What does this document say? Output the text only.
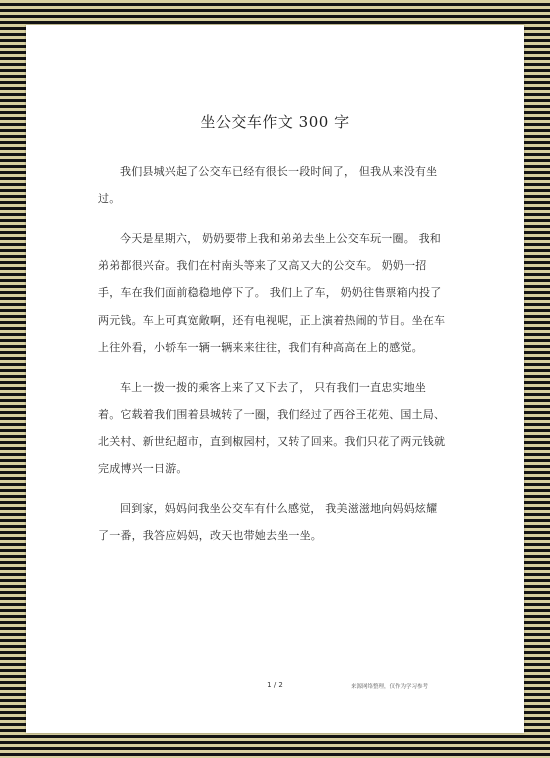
坐公交车作文 300 字

我们县城兴起了公交车已经有很长一段时间了， 但我从来没有坐过。

今天是星期六， 奶奶要带上我和弟弟去坐上公交车玩一圈。 我和弟弟都很兴奋。我们在村南头等来了又高又大的公交车。 奶奶一招手，车在我们面前稳稳地停下了。 我们上了车， 奶奶往售票箱内投了两元钱。车上可真宽敞啊，还有电视呢，正上演着热闹的节目。坐在车上往外看，小轿车一辆一辆来来往往，我们有种高高在上的感觉。

车上一拨一拨的乘客上来了又下去了， 只有我们一直忠实地坐着。它载着我们围着县城转了一圈，我们经过了西谷王花苑、国土局、北关村、新世纪超市，直到椒园村，又转了回来。我们只花了两元钱就完成博兴一日游。

回到家，妈妈问我坐公交车有什么感觉， 我美滋滋地向妈妈炫耀了一番，我答应妈妈，改天也带她去坐一坐。

1 / 2	来源网络整理，仅作为学习参考
